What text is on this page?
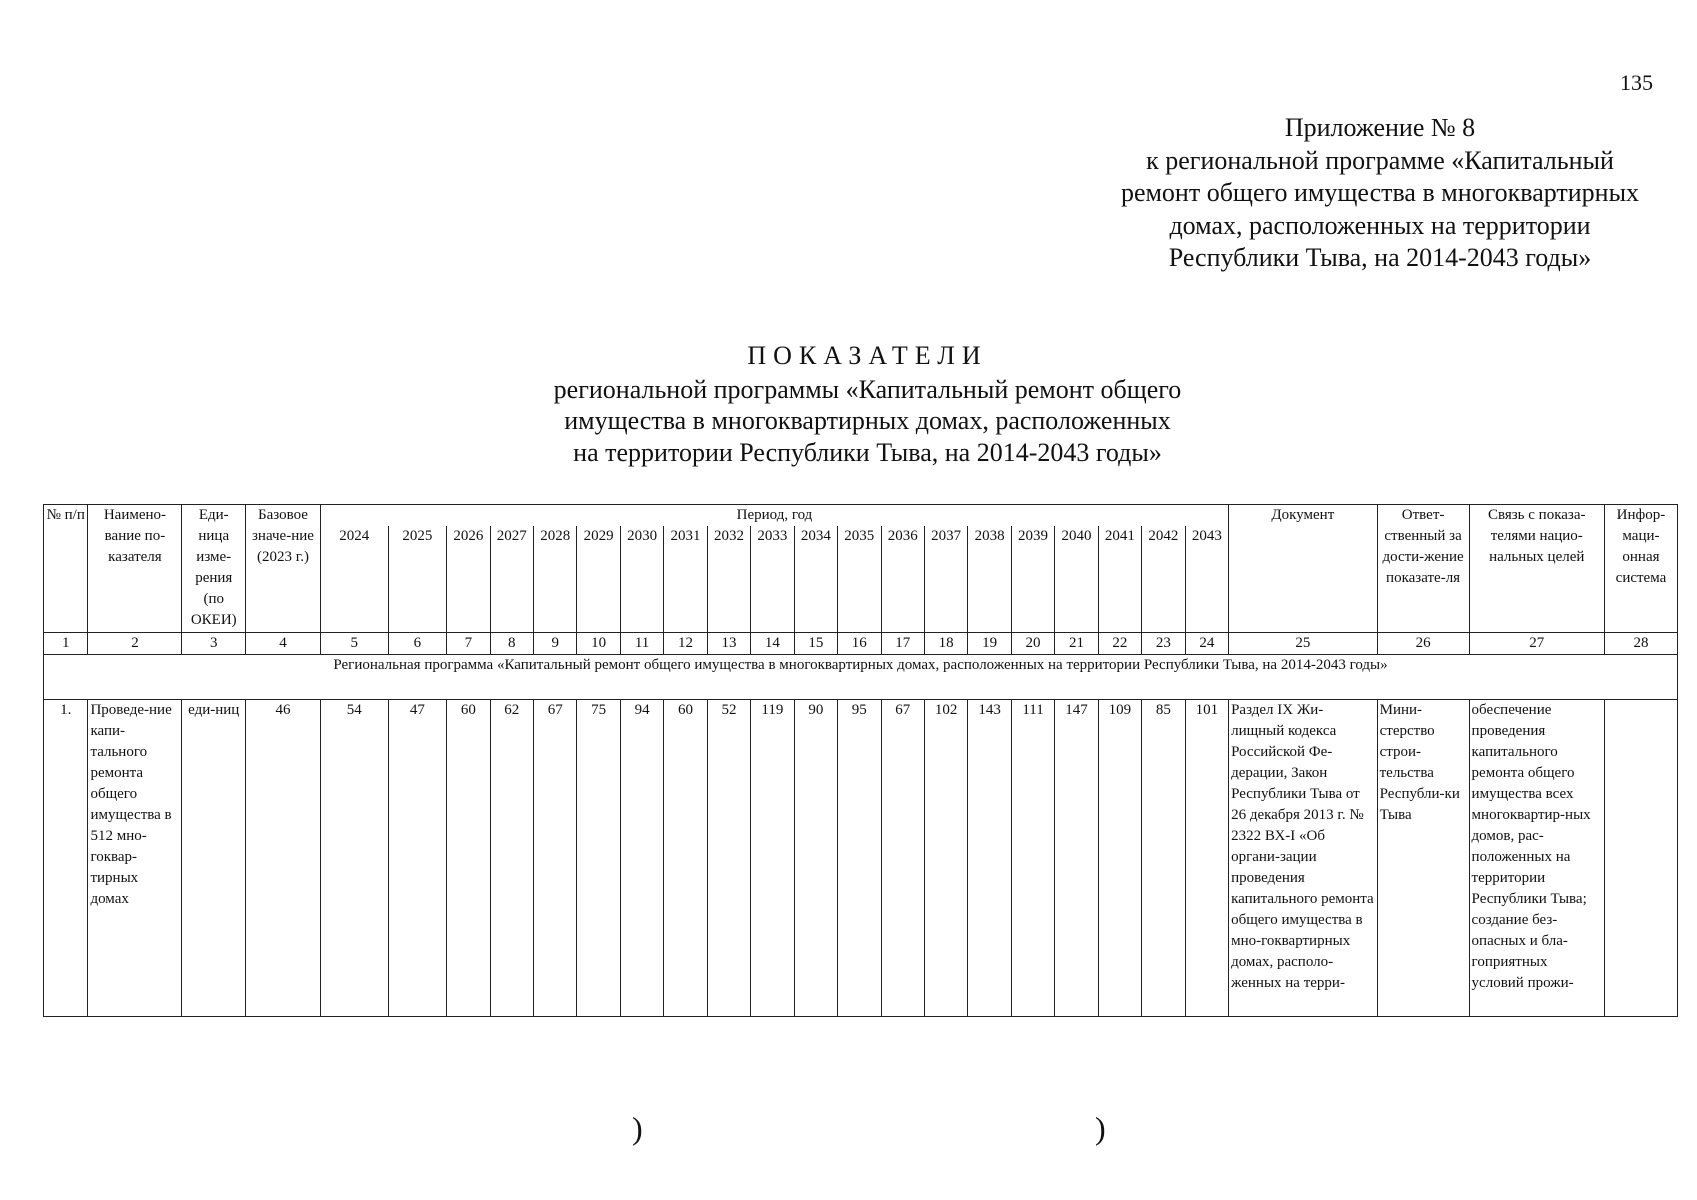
135
Приложение № 8
к региональной программе «Капитальный
ремонт общего имущества в многоквартирных
домах, расположенных на территории
Республики Тыва, на 2014-2043 годы»
ПОКАЗАТЕЛИ
региональной программы «Капитальный ремонт общего
имущества в многоквартирных домах, расположенных
на территории Республики Тыва, на 2014-2043 годы»
№ п/п	Наимено-вание по-казателя	Еди-ница изме-рения (по ОКЕИ)	Базовое значе-ние (2023 г.)	Период, год																				Документ	Ответ-ственный за дости-жение показате-ля	Связь с показа-телями нацио-нальных целей	Инфор-маци-онная система
				2024	2025	2026	2027	2028	2029	2030	2031	2032	2033	2034	2035	2036	2037	2038	2039	2040	2041	2042	2043				
1	2	3	4	5	6	7	8	9	10	11	12	13	14	15	16	17	18	19	20	21	22	23	24	25	26	27	28
Региональная программа «Капитальный ремонт общего имущества в многоквартирных домах, расположенных на территории Республики Тыва, на 2014-2043 годы»																											
1.	Проведе-ние капи-тального ремонта общего имущества в 512 мно-гоквар-тирных домах	еди-ниц	46	54	47	60	62	67	75	94	60	52	119	90	95	67	102	143	111	147	109	85	101	Раздел IX Жи-лищный кодекса Российской Фе-дерации, Закон Республики Тыва от 26 декабря 2013 г. № 2322 ВХ-I «Об органи-зации проведения капитального ремонта общего имущества в мно-гоквартирных домах, располо-женных на терри-	Мини-стерство строи-тельства Республи-ки Тыва	обеспечение проведения капитального ремонта общего имущества всех многоквартир-ных домов, рас-положенных на территории Республики Тыва; создание без-опасных и бла-гоприятных условий прожи-	
)	)
